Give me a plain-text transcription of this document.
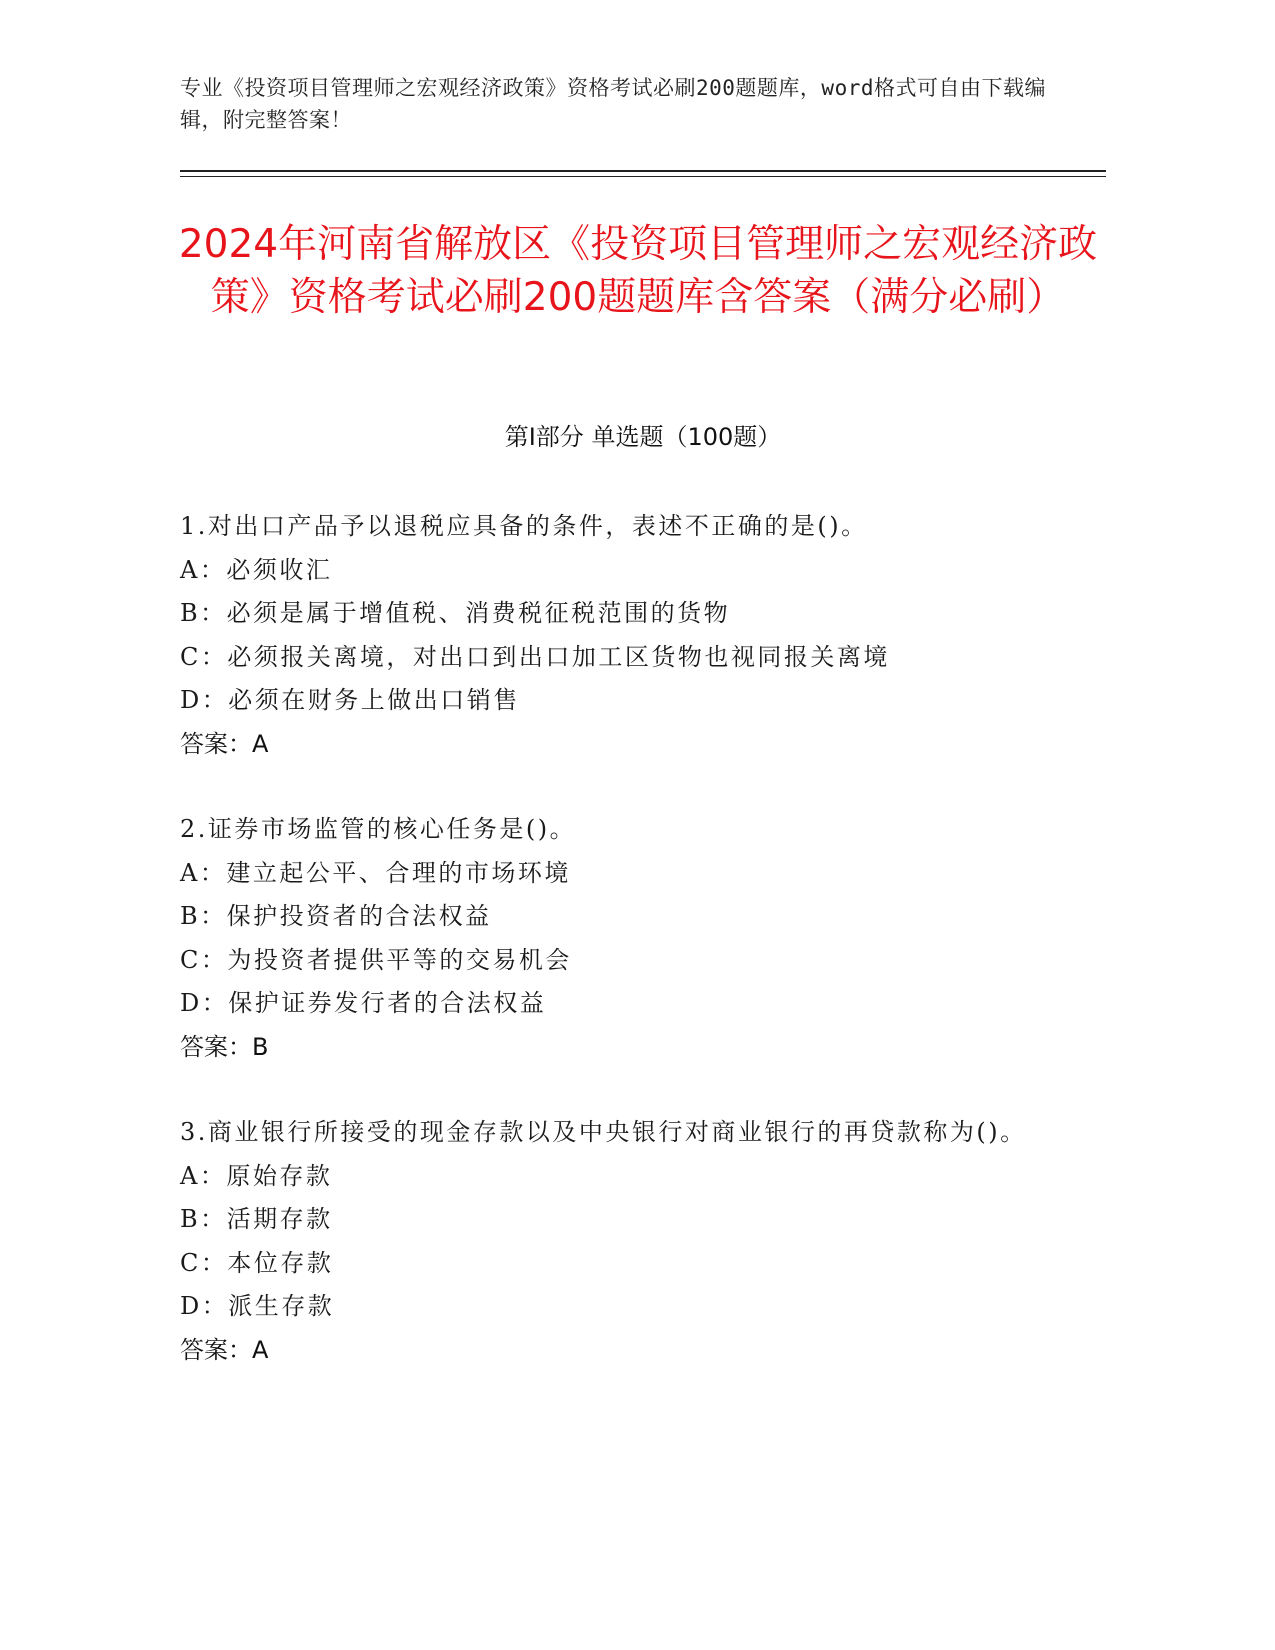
专业《投资项目管理师之宏观经济政策》资格考试必刷200题题库，word格式可自由下载编辑，附完整答案！
2024年河南省解放区《投资项目管理师之宏观经济政策》资格考试必刷200题题库含答案（满分必刷）
第Ⅰ部分 单选题（100题）
1.对出口产品予以退税应具备的条件，表述不正确的是()。
A：必须收汇
B：必须是属于增值税、消费税征税范围的货物
C：必须报关离境，对出口到出口加工区货物也视同报关离境
D：必须在财务上做出口销售
答案：A
2.证券市场监管的核心任务是()。
A：建立起公平、合理的市场环境
B：保护投资者的合法权益
C：为投资者提供平等的交易机会
D：保护证券发行者的合法权益
答案：B
3.商业银行所接受的现金存款以及中央银行对商业银行的再贷款称为()。
A：原始存款
B：活期存款
C：本位存款
D：派生存款
答案：A
